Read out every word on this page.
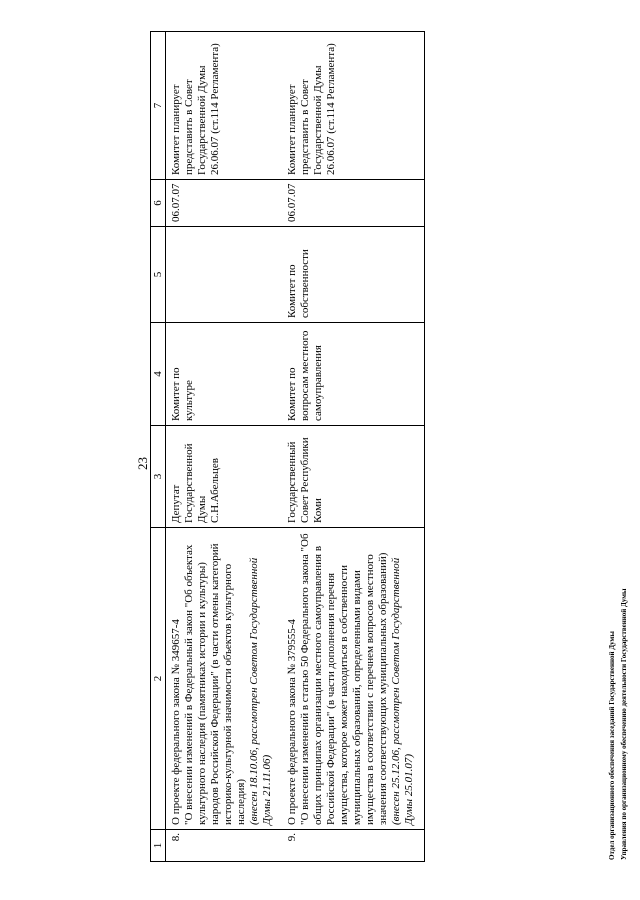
23
1	2	3	4	5	6	7
8.	О проекте федерального закона № 349657-4 "О внесении изменений в Федеральный закон "Об объектах культурного наследия (памятниках истории и культуры) народов Российской Федерации" (в части отмены категорий историко-культурной значимости объектов культурного наследия) (внесен 18.10.06, рассмотрен Советом Государственной Думы 21.11.06)	Депутат Государственной Думы С.Н.Абельцев	Комитет по культуре		06.07.07	Комитет планирует представить в Совет Государственной Думы 26.06.07 (ст.114 Регламента)
9.	О проекте федерального закона № 379555-4 "О внесении изменений в статью 50 Федерального закона "Об общих принципах организации местного самоуправления в Российской Федерации" (в части дополнения перечня имущества, которое может находиться в собственности муниципальных образований, определенными видами имущества в соответствии с перечнем вопросов местного значения соответствующих муниципальных образований) (внесен 25.12.06, рассмотрен Советом Государственной Думы 25.01.07)	Государственный Совет Республики Коми	Комитет по вопросам местного самоуправления	Комитет по собственности	06.07.07	Комитет планирует представить в Совет Государственной Думы 26.06.07 (ст.114 Регламента)
Отдел организационного обеспечения заседаний Государственной Думы Управления по организационному обеспечению деятельности Государственной Думы
